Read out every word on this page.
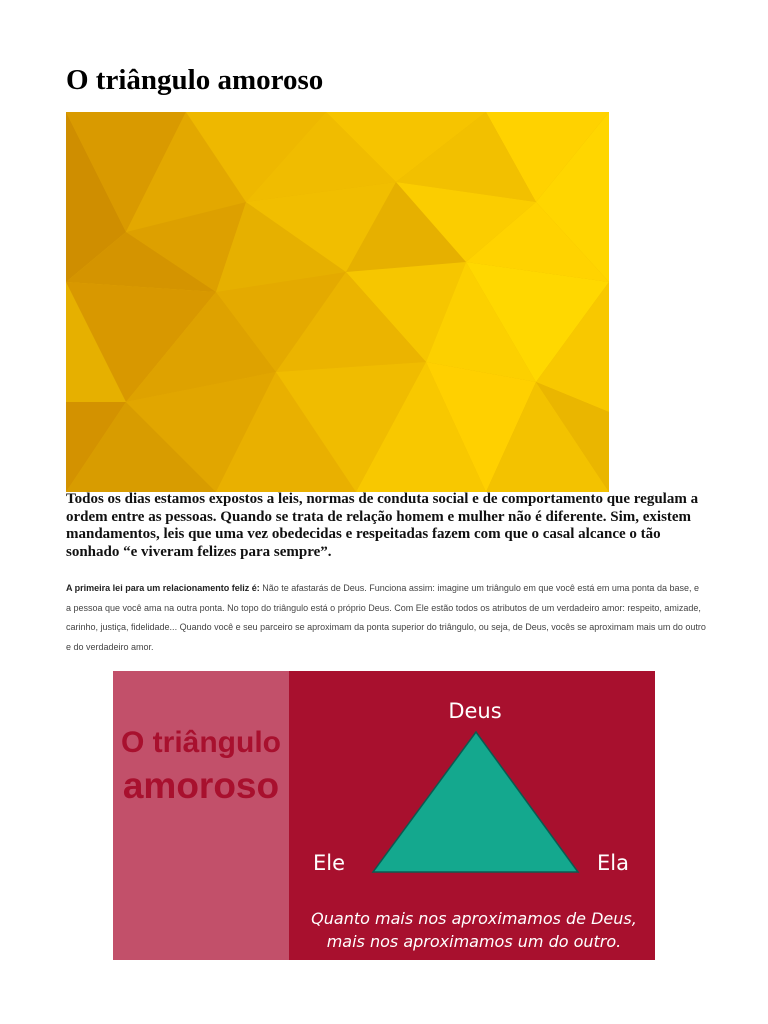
O triângulo amoroso

Todos os dias estamos expostos a leis, normas de conduta social e de comportamento que regulam a ordem entre as pessoas. Quando se trata de relação homem e mulher não é diferente. Sim, existem mandamentos, leis que uma vez obedecidas e respeitadas fazem com que o casal alcance o tão sonhado “e viveram felizes para sempre”.

A primeira lei para um relacionamento feliz é: Não te afastarás de Deus. Funciona assim: imagine um triângulo em que você está em uma ponta da base, e a pessoa que você ama na outra ponta. No topo do triângulo está o próprio Deus. Com Ele estão todos os atributos de um verdadeiro amor: respeito, amizade, carinho, justiça, fidelidade... Quando você e seu parceiro se aproximam da ponta superior do triângulo, ou seja, de Deus, vocês se aproximam mais um do outro e do verdadeiro amor.

O triângulo
amoroso
Deus
Ele	Ela
Quanto mais nos aproximamos de Deus,
mais nos aproximamos um do outro.
